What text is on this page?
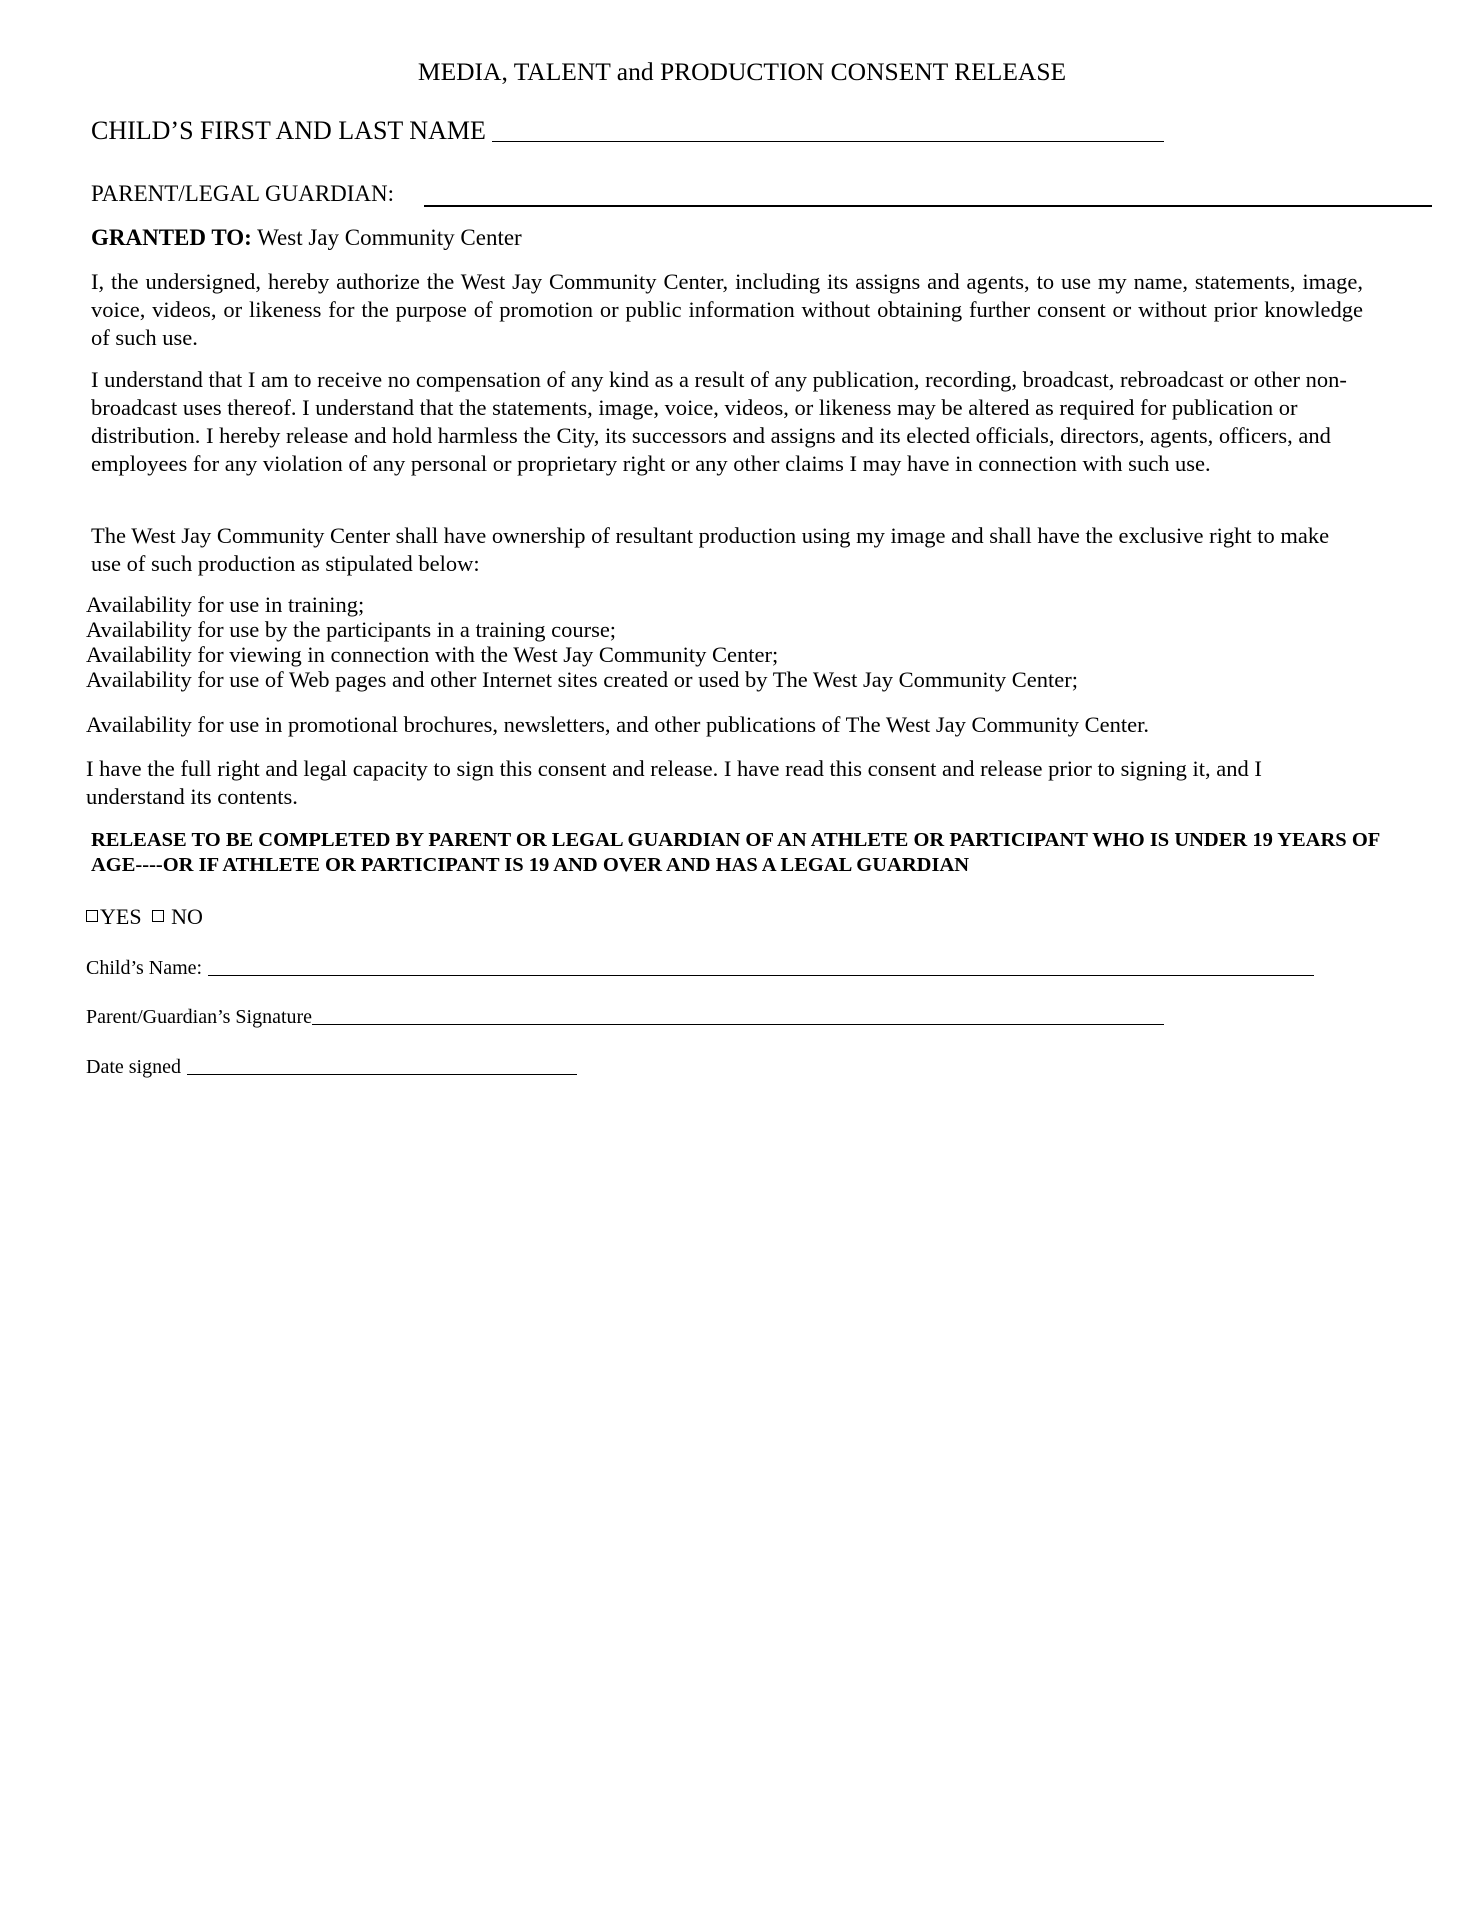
MEDIA, TALENT and PRODUCTION CONSENT RELEASE
CHILD’S FIRST AND LAST NAME
PARENT/LEGAL GUARDIAN:
GRANTED TO: West Jay Community Center
I, the undersigned, hereby authorize the West Jay Community Center, including its assigns and agents, to use my name, statements, image, voice, videos, or likeness for the purpose of promotion or public information without obtaining further consent or without prior knowledge of such use.
I understand that I am to receive no compensation of any kind as a result of any publication, recording, broadcast, rebroadcast or other non-broadcast uses thereof. I understand that the statements, image, voice, videos, or likeness may be altered as required for publication or distribution. I hereby release and hold harmless the City, its successors and assigns and its elected officials, directors, agents, officers, and employees for any violation of any personal or proprietary right or any other claims I may have in connection with such use.
The West Jay Community Center shall have ownership of resultant production using my image and shall have the exclusive right to make use of such production as stipulated below:
Availability for use in training;
Availability for use by the participants in a training course;
Availability for viewing in connection with the West Jay Community Center;
Availability for use of Web pages and other Internet sites created or used by The West Jay Community Center;
Availability for use in promotional brochures, newsletters, and other publications of The West Jay Community Center.
I have the full right and legal capacity to sign this consent and release. I have read this consent and release prior to signing it, and I understand its contents.
RELEASE TO BE COMPLETED BY PARENT OR LEGAL GUARDIAN OF AN ATHLETE OR PARTICIPANT WHO IS UNDER 19 YEARS OF AGE----OR IF ATHLETE OR PARTICIPANT IS 19 AND OVER AND HAS A LEGAL GUARDIAN
YES NO
Child’s Name:
Parent/Guardian’s Signature
Date signed
